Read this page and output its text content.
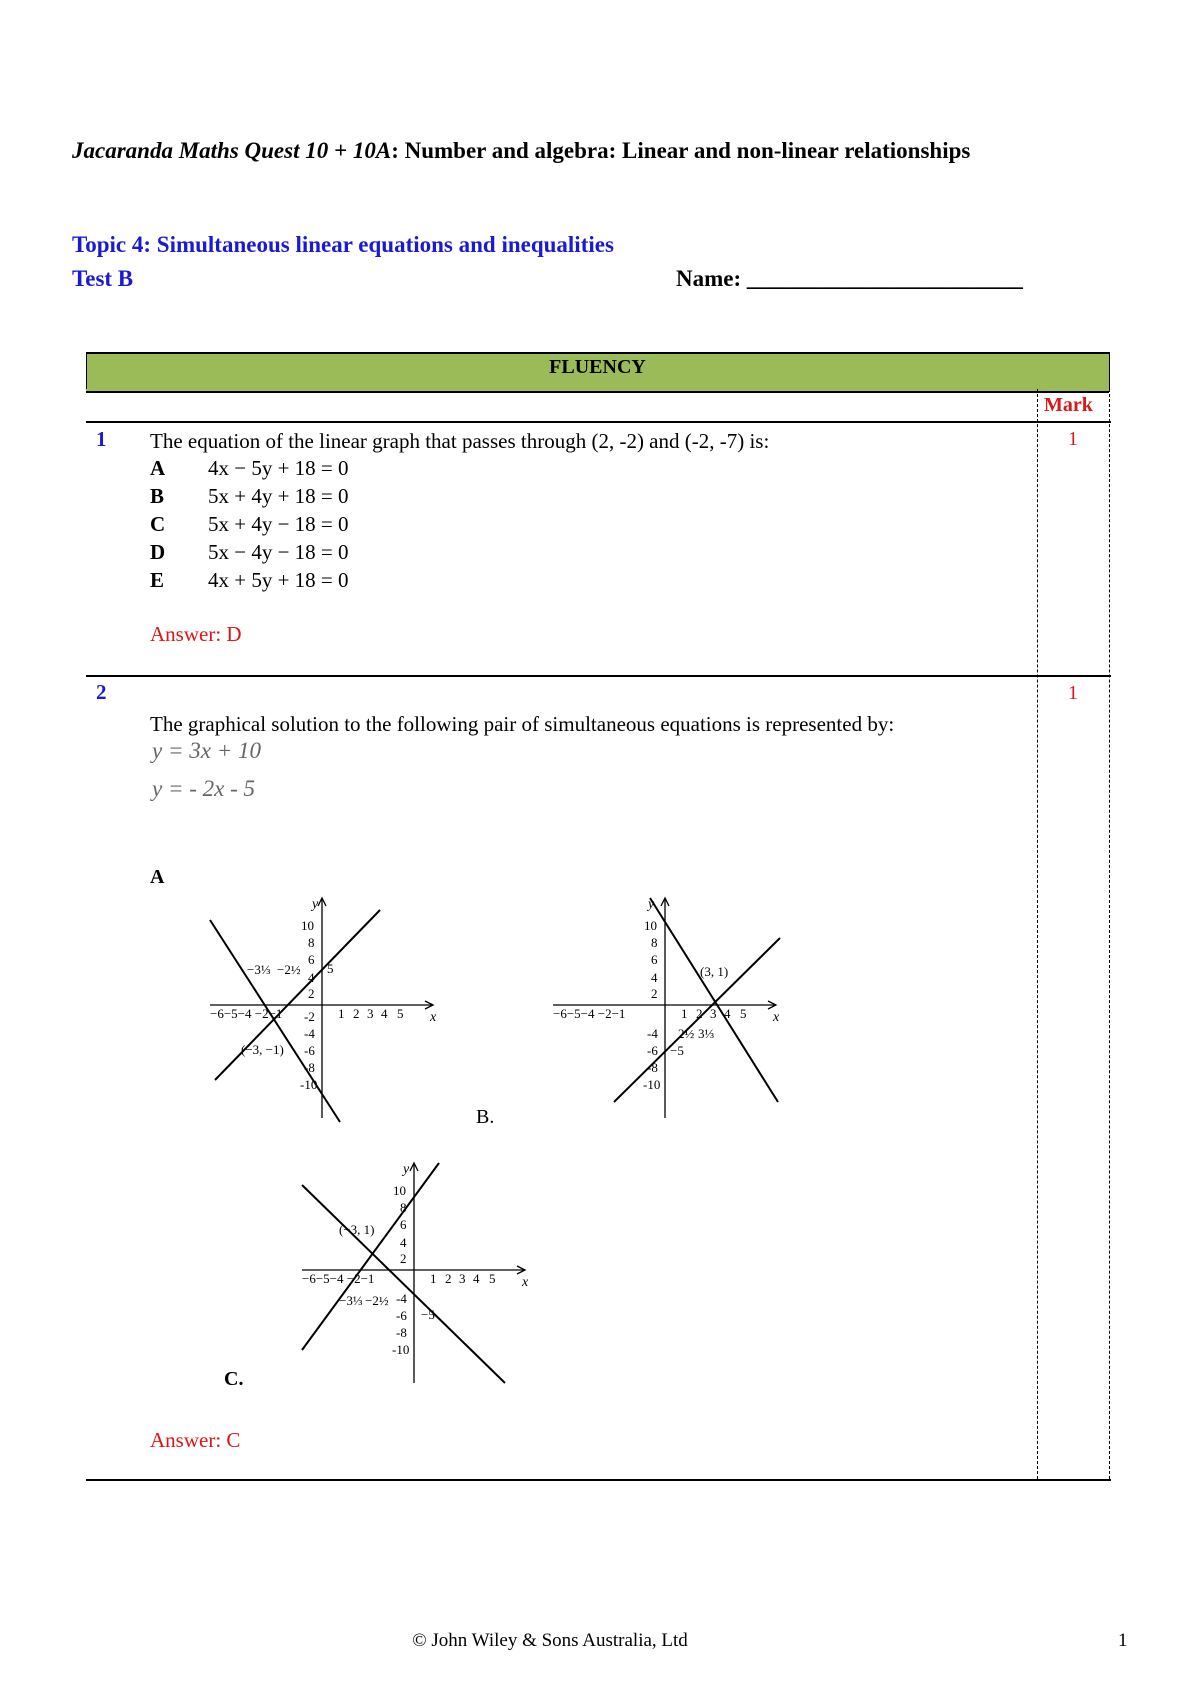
Jacaranda Maths Quest 10 + 10A: Number and algebra: Linear and non-linear relationships
Topic 4: Simultaneous linear equations and inequalities
Test B	Name: ________________________
FLUENCY
Mark
1 The equation of the linear graph that passes through (2, -2) and (-2, -7) is:	1
A 4x − 5y + 18 = 0
B 5x + 4y + 18 = 0
C 5x + 4y − 18 = 0
D 5x − 4y − 18 = 0
E 4x + 5y + 18 = 0
Answer: D
2	1
The graphical solution to the following pair of simultaneous equations is represented by:
y = 3x + 10
y = - 2x - 5
A
B.
C.
y
x
10
8
6
4
2
-2
-4
-6
-8
-10
−6−5−4 −2−1	1 2 3 4 5
(−3, −1)
−3⅓ −2½ 5
y
x
10
8
6
4
2
-4
-6
-8
-10
−6−5−4 −2−1	1 2 3 4 5
(3, 1)
2½ 3⅓
−5
y
x
10
8
6
4
2
-4
-6
-8
-10
−6−5−4 −2−1	1 2 3 4 5
(−3, 1)
−3⅓ −2½
−5
Answer: C
© John Wiley & Sons Australia, Ltd	1
